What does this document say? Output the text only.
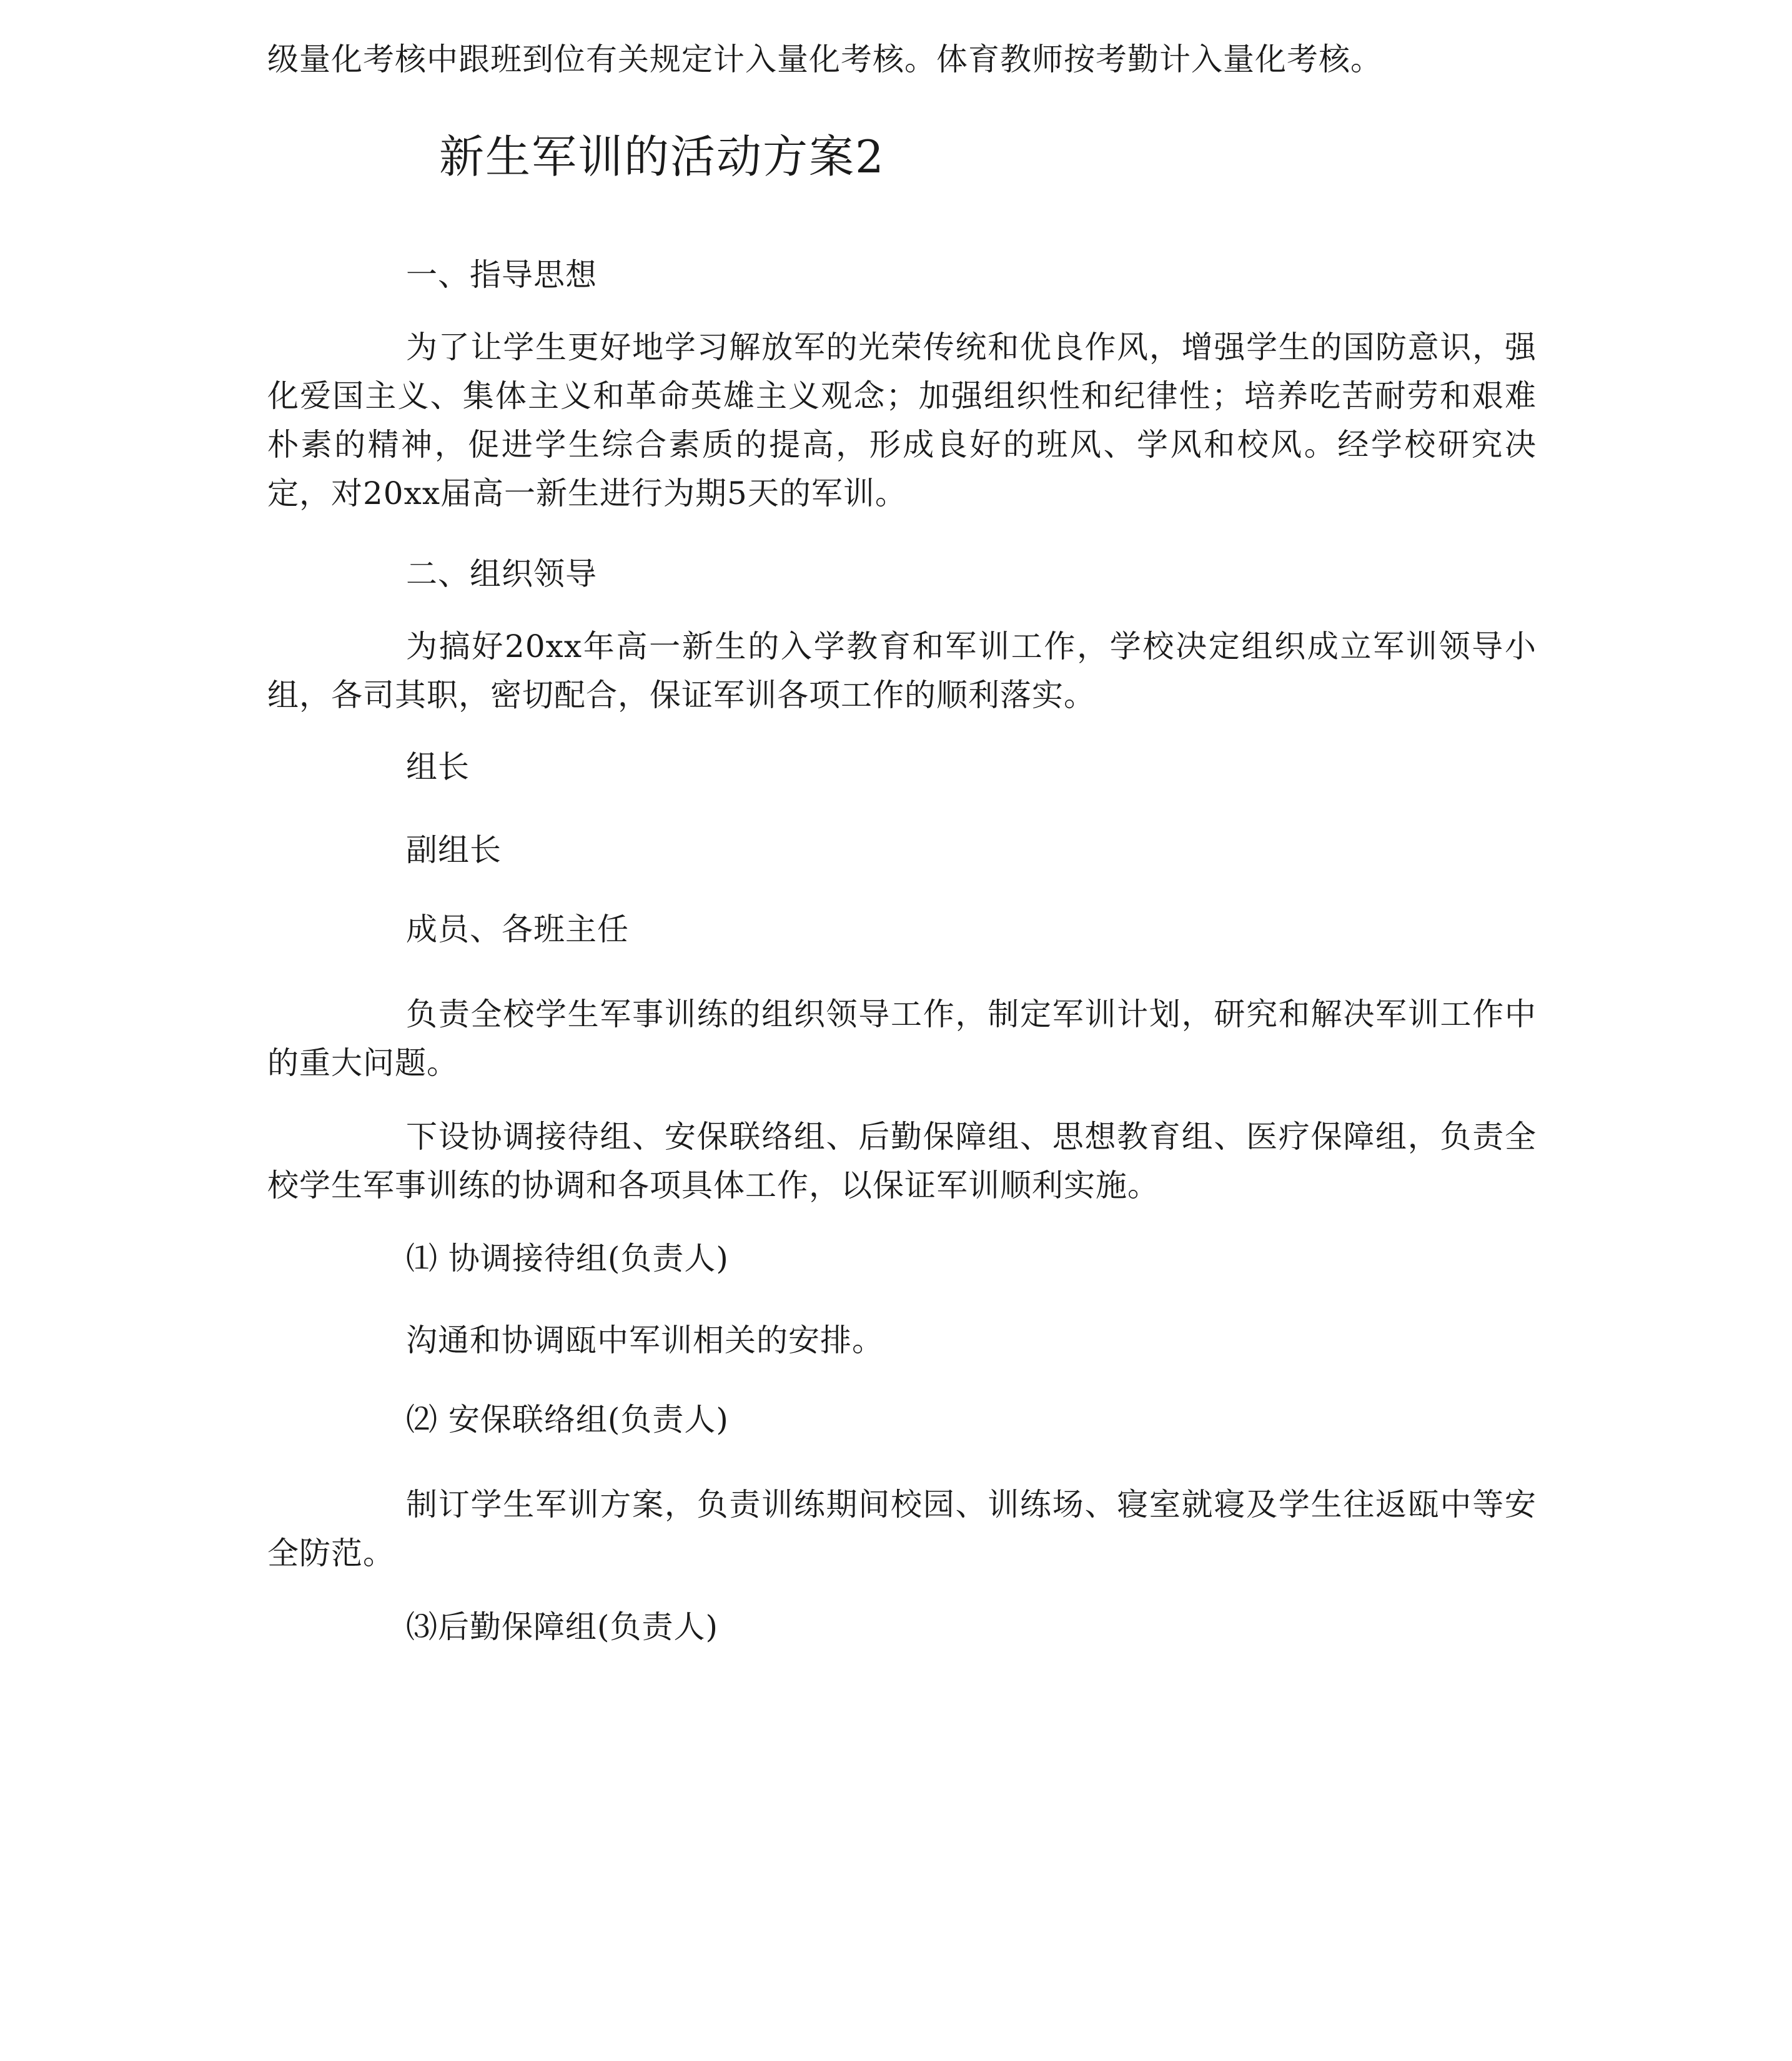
级量化考核中跟班到位有关规定计入量化考核。体育教师按考勤计入量化考核。

新生军训的活动方案2

一、指导思想

为了让学生更好地学习解放军的光荣传统和优良作风，增强学生的国防意识，强化爱国主义、集体主义和革命英雄主义观念；加强组织性和纪律性；培养吃苦耐劳和艰难朴素的精神，促进学生综合素质的提高，形成良好的班风、学风和校风。经学校研究决定，对20xx届高一新生进行为期5天的军训。

二、组织领导

为搞好20xx年高一新生的入学教育和军训工作，学校决定组织成立军训领导小组，各司其职，密切配合，保证军训各项工作的顺利落实。

组长

副组长

成员、各班主任

负责全校学生军事训练的组织领导工作，制定军训计划，研究和解决军训工作中的重大问题。

下设协调接待组、安保联络组、后勤保障组、思想教育组、医疗保障组，负责全校学生军事训练的协调和各项具体工作，以保证军训顺利实施。

⑴ 协调接待组(负责人)

沟通和协调瓯中军训相关的安排。

⑵ 安保联络组(负责人)

制订学生军训方案，负责训练期间校园、训练场、寝室就寝及学生往返瓯中等安全防范。

⑶后勤保障组(负责人)
